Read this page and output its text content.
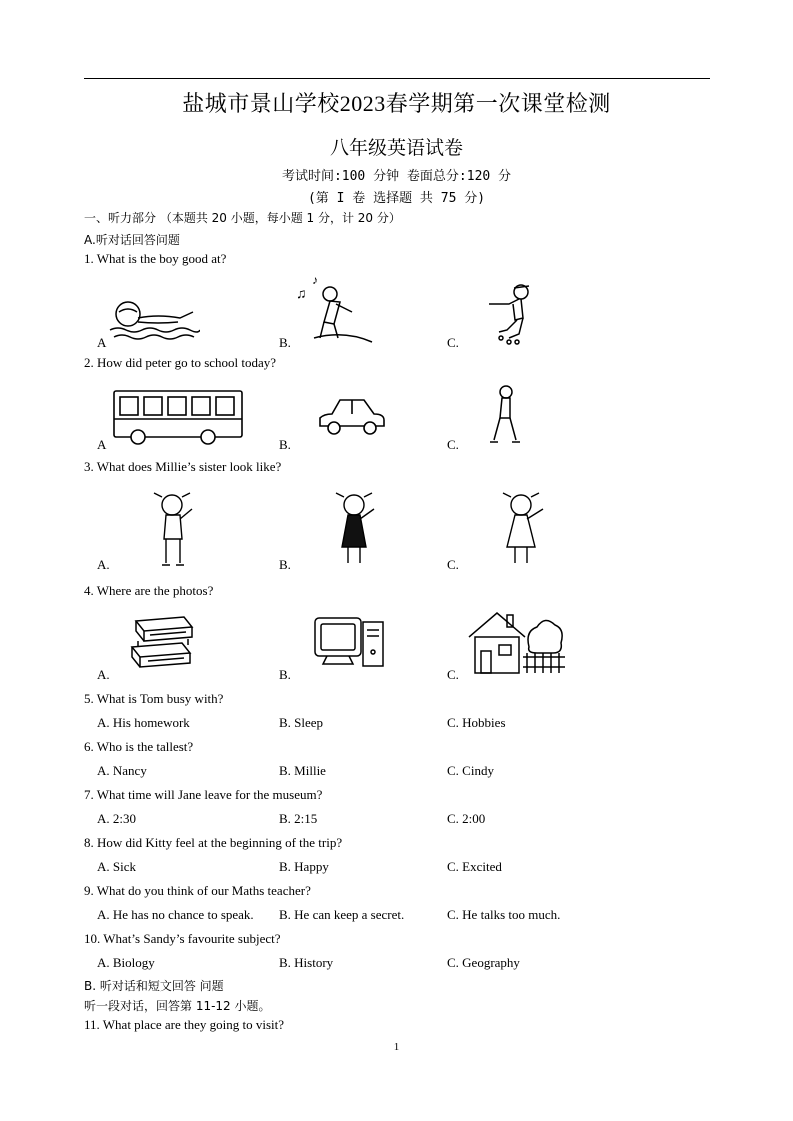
盐城市景山学校2023春学期第一次课堂检测
八年级英语试卷
考试时间:100 分钟 卷面总分:120 分
(第 I 卷 选择题 共 75 分)
一、听力部分 （本题共 20 小题，每小题 1 分，计 20 分）
A.听对话回答问题
1. What is the boy good at?
A	B.	C.
♫
♪
2. How did peter go to school today?
A	B.	C.
3. What does Millie’s sister look like?
A.	B.	C.
4. Where are the photos?
A.	B.	C.
5. What is Tom busy with?
A. His homework	B. Sleep	C. Hobbies
6. Who is the tallest?
A. Nancy	B. Millie	C. Cindy
7. What time will Jane leave for the museum?
A. 2:30	B. 2:15	C. 2:00
8. How did Kitty feel at the beginning of the trip?
A. Sick	B. Happy	C. Excited
9. What do you think of our Maths teacher?
A. He has no chance to speak. B. He can keep a secret.	C. He talks too much.
10. What’s Sandy’s favourite subject?
A. Biology	B. History	C. Geography
B. 听对话和短文回答 问题
听一段对话，回答第 11-12 小题。
11. What place are they going to visit?
1
